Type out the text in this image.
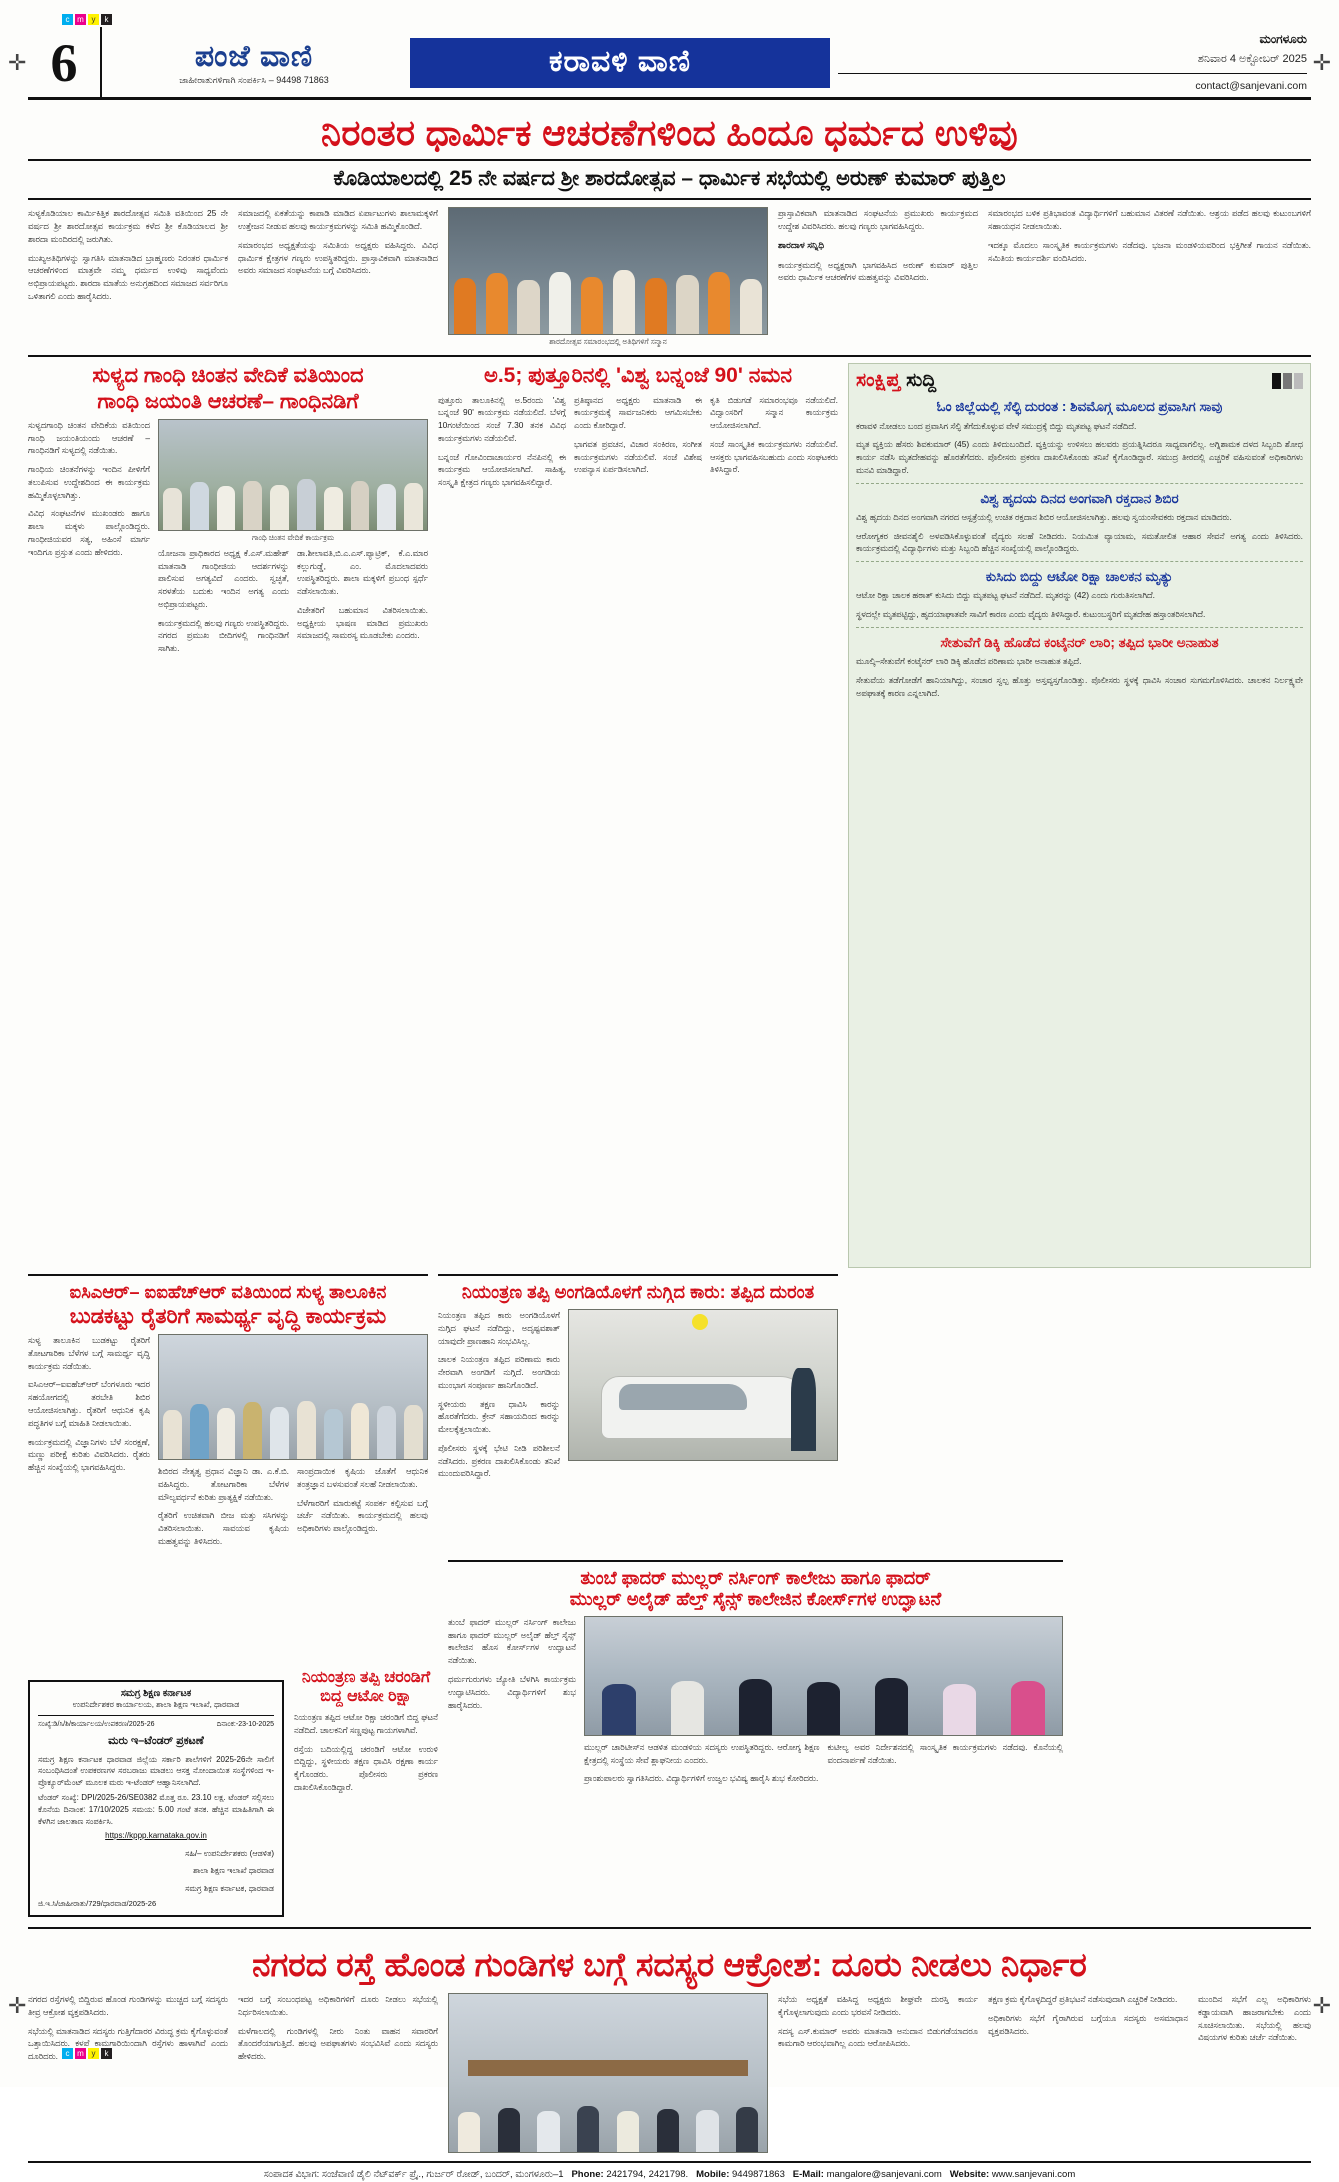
c m y	k
c m y	k
✛	✛
✛	✛
6	ಪಂಜೆ ವಾಣಿ
ಜಾಹೀರಾತುಗಳಿಗಾಗಿ ಸಂಪರ್ಕಿಸಿ – 94498 71863
ಕರಾವಳಿ ವಾಣಿ
ಮಂಗಳೂರು
ಶನಿವಾರ 4 ಅಕ್ಟೋಬರ್ 2025
contact@sanjevani.com
ನಿರಂತರ ಧಾರ್ಮಿಕ ಆಚರಣೆಗಳಿಂದ ಹಿಂದೂ ಧರ್ಮದ ಉಳಿವು
ಕೊಡಿಯಾಲದಲ್ಲಿ 25 ನೇ ವರ್ಷದ ಶ್ರೀ ಶಾರದೋತ್ಸವ – ಧಾರ್ಮಿಕ ಸಭೆಯಲ್ಲಿ ಅರುಣ್ ಕುಮಾರ್ ಪುತ್ತಿಲ

ಸುಳ್ಯಕೊಡಿಯಾಲ ಕಾರ್ಮಿಕಿತ್ತಿಕ ಶಾರದೋತ್ಸವ ಸಮಿತಿ ವತಿಯಿಂದ 25 ನೇ ವರ್ಷದ ಶ್ರೀ ಶಾರದೋತ್ಸವ ಕಾರ್ಯಕ್ರಮ ಕಳೆದ ಶ್ರೀ ಕೊಡಿಯಾಲದ ಶ್ರೀ ಶಾರದಾ ಮಂದಿರದಲ್ಲಿ ಜರುಗಿತು.

ಮುಖ್ಯಅತಿಥಿಗಳನ್ನು ಸ್ವಾಗತಿಸಿ ಮಾತನಾಡಿದ ಬ್ರಾಹ್ಮಣರು ನಿರಂತರ ಧಾರ್ಮಿಕ ಆಚರಣೆಗಳಿಂದ ಮಾತ್ರವೇ ನಮ್ಮ ಧರ್ಮದ ಉಳಿವು ಸಾಧ್ಯವೆಂದು ಅಭಿಪ್ರಾಯಪಟ್ಟರು. ಶಾರದಾ ಮಾತೆಯ ಅನುಗ್ರಹದಿಂದ ಸಮಾಜದ ಸರ್ವರಿಗೂ ಒಳಿತಾಗಲಿ ಎಂದು ಹಾರೈಸಿದರು.

ಸಮಾಜದಲ್ಲಿ ಏಕತೆಯನ್ನು ಕಾಪಾಡಿ ಮಾಡಿದ ಏರ್ಪಾಟುಗಳು ಶಾಲಾಮಕ್ಕಳಿಗೆ ಉತ್ತೇಜನ ನೀಡುವ ಹಲವು ಕಾರ್ಯಕ್ರಮಗಳನ್ನು ಸಮಿತಿ ಹಮ್ಮಿಕೊಂಡಿದೆ.

ಸಮಾರಂಭದ ಅಧ್ಯಕ್ಷತೆಯನ್ನು ಸಮಿತಿಯ ಅಧ್ಯಕ್ಷರು ವಹಿಸಿದ್ದರು. ವಿವಿಧ ಧಾರ್ಮಿಕ ಕ್ಷೇತ್ರಗಳ ಗಣ್ಯರು ಉಪಸ್ಥಿತರಿದ್ದರು. ಪ್ರಾಸ್ತಾವಿಕವಾಗಿ ಮಾತನಾಡಿದ ಅವರು ಸಮಾಜದ ಸಂಘಟನೆಯ ಬಗ್ಗೆ ವಿವರಿಸಿದರು.

ಶಾರದೋತ್ಸವ ಸಮಾರಂಭದಲ್ಲಿ ಅತಿಥಿಗಳಿಗೆ ಸನ್ಮಾನ

ಪ್ರಾಸ್ತಾವಿಕವಾಗಿ ಮಾತನಾಡಿದ ಸಂಘಟನೆಯ ಪ್ರಮುಖರು ಕಾರ್ಯಕ್ರಮದ ಉದ್ದೇಶ ವಿವರಿಸಿದರು. ಹಲವು ಗಣ್ಯರು ಭಾಗವಹಿಸಿದ್ದರು.

ಶಾರದಾಳ ಸನ್ನಿಧಿ

ಕಾರ್ಯಕ್ರಮದಲ್ಲಿ ಅಧ್ಯಕ್ಷರಾಗಿ ಭಾಗವಹಿಸಿದ ಅರುಣ್ ಕುಮಾರ್ ಪುತ್ತಿಲ ಅವರು ಧಾರ್ಮಿಕ ಆಚರಣೆಗಳ ಮಹತ್ವವನ್ನು ವಿವರಿಸಿದರು.

ಸಮಾರಂಭದ ಬಳಿಕ ಪ್ರತಿಭಾವಂತ ವಿದ್ಯಾರ್ಥಿಗಳಿಗೆ ಬಹುಮಾನ ವಿತರಣೆ ನಡೆಯಿತು. ಆಶ್ರಯ ಪಡೆದ ಹಲವು ಕುಟುಂಬಗಳಿಗೆ ಸಹಾಯಧನ ನೀಡಲಾಯಿತು.

ಇದಕ್ಕೂ ಮೊದಲು ಸಾಂಸ್ಕೃತಿಕ ಕಾರ್ಯಕ್ರಮಗಳು ನಡೆದವು. ಭಜನಾ ಮಂಡಳಿಯವರಿಂದ ಭಕ್ತಿಗೀತೆ ಗಾಯನ ನಡೆಯಿತು. ಸಮಿತಿಯ ಕಾರ್ಯದರ್ಶಿ ವಂದಿಸಿದರು.

ಸುಳ್ಯದ ಗಾಂಧಿ ಚಿಂತನ ವೇದಿಕೆ ವತಿಯಿಂದ
ಗಾಂಧಿ ಜಯಂತಿ ಆಚರಣೆ– ಗಾಂಧಿನಡಿಗೆ

ಸುಳ್ಯದಗಾಂಧಿ ಚಿಂತನ ವೇದಿಕೆಯ ವತಿಯಿಂದ ಗಾಂಧಿ ಜಯಂತಿಯಂದು ಆಚರಣೆ – ಗಾಂಧಿನಡಿಗೆ ಸುಳ್ಯದಲ್ಲಿ ನಡೆಯಿತು.

ಗಾಂಧಿಯ ಚಿಂತನೆಗಳನ್ನು ಇಂದಿನ ಪೀಳಿಗೆಗೆ ತಲುಪಿಸುವ ಉದ್ದೇಶದಿಂದ ಈ ಕಾರ್ಯಕ್ರಮ ಹಮ್ಮಿಕೊಳ್ಳಲಾಗಿತ್ತು.

ವಿವಿಧ ಸಂಘಟನೆಗಳ ಮುಖಂಡರು ಹಾಗೂ ಶಾಲಾ ಮಕ್ಕಳು ಪಾಲ್ಗೊಂಡಿದ್ದರು. ಗಾಂಧೀಜಿಯವರ ಸತ್ಯ, ಅಹಿಂಸೆ ಮಾರ್ಗ ಇಂದಿಗೂ ಪ್ರಸ್ತುತ ಎಂದು ಹೇಳಿದರು.

ಗಾಂಧಿ ಚಿಂತನ ವೇದಿಕೆ ಕಾರ್ಯಕ್ರಮ

ಯೋಜನಾ ಪ್ರಾಧಿಕಾರದ ಅಧ್ಯಕ್ಷ ಕೆ.ಎಸ್.ಮಹೇಶ್ ಮಾತನಾಡಿ ಗಾಂಧೀಜಿಯ ಆದರ್ಶಗಳನ್ನು ಪಾಲಿಸುವ ಅಗತ್ಯವಿದೆ ಎಂದರು. ಸ್ವಚ್ಛತೆ, ಸರಳತೆಯ ಬದುಕು ಇಂದಿನ ಅಗತ್ಯ ಎಂದು ಅಭಿಪ್ರಾಯಪಟ್ಟರು.

ಕಾರ್ಯಕ್ರಮದಲ್ಲಿ ಹಲವು ಗಣ್ಯರು ಉಪಸ್ಥಿತರಿದ್ದರು. ನಗರದ ಪ್ರಮುಖ ಬೀದಿಗಳಲ್ಲಿ ಗಾಂಧಿನಡಿಗೆ ಸಾಗಿತು.

ಡಾ.ಶೀಲಾವತಿ,ಬಿ.ಎ.ಎಸ್.ಪ್ಯಾಟ್ರಿಕ್, ಕೆ.ಎ.ಮಾರ ಕಲ್ಲುಗುಡ್ಡೆ, ಎಂ. ಮೊದಲಾದವರು ಉಪಸ್ಥಿತರಿದ್ದರು. ಶಾಲಾ ಮಕ್ಕಳಿಗೆ ಪ್ರಬಂಧ ಸ್ಪರ್ಧೆ ನಡೆಸಲಾಯಿತು.

ವಿಜೇತರಿಗೆ ಬಹುಮಾನ ವಿತರಿಸಲಾಯಿತು. ಅಧ್ಯಕ್ಷೀಯ ಭಾಷಣ ಮಾಡಿದ ಪ್ರಮುಖರು ಸಮಾಜದಲ್ಲಿ ಸಾಮರಸ್ಯ ಮೂಡಬೇಕು ಎಂದರು.

ಅ.5; ಪುತ್ತೂರಿನಲ್ಲಿ 'ವಿಶ್ವ ಬನ್ನಂಜೆ 90' ನಮನ

ಪುತ್ತೂರು ತಾಲೂಕಿನಲ್ಲಿ ಅ.5ರಂದು 'ವಿಶ್ವ ಬನ್ನಂಜೆ 90' ಕಾರ್ಯಕ್ರಮ ನಡೆಯಲಿದೆ. ಬೆಳಗ್ಗೆ 10ಗಂಟೆಯಿಂದ ಸಂಜೆ 7.30 ತನಕ ವಿವಿಧ ಕಾರ್ಯಕ್ರಮಗಳು ನಡೆಯಲಿವೆ.

ಬನ್ನಂಜೆ ಗೋವಿಂದಾಚಾರ್ಯರ ನೆನಪಿನಲ್ಲಿ ಈ ಕಾರ್ಯಕ್ರಮ ಆಯೋಜಿಸಲಾಗಿದೆ. ಸಾಹಿತ್ಯ, ಸಂಸ್ಕೃತಿ ಕ್ಷೇತ್ರದ ಗಣ್ಯರು ಭಾಗವಹಿಸಲಿದ್ದಾರೆ.

ಪ್ರತಿಷ್ಠಾನದ ಅಧ್ಯಕ್ಷರು ಮಾತನಾಡಿ ಈ ಕಾರ್ಯಕ್ರಮಕ್ಕೆ ಸಾರ್ವಜನಿಕರು ಆಗಮಿಸಬೇಕು ಎಂದು ಕೋರಿದ್ದಾರೆ.

ಭಾಗವತ ಪ್ರವಚನ, ವಿಚಾರ ಸಂಕಿರಣ, ಸಂಗೀತ ಕಾರ್ಯಕ್ರಮಗಳು ನಡೆಯಲಿವೆ. ಸಂಜೆ ವಿಶೇಷ ಉಪನ್ಯಾಸ ಏರ್ಪಡಿಸಲಾಗಿದೆ.

ಕೃತಿ ಬಿಡುಗಡೆ ಸಮಾರಂಭವೂ ನಡೆಯಲಿದೆ. ವಿದ್ವಾಂಸರಿಗೆ ಸನ್ಮಾನ ಕಾರ್ಯಕ್ರಮ ಆಯೋಜಿಸಲಾಗಿದೆ.

ಸಂಜೆ ಸಾಂಸ್ಕೃತಿಕ ಕಾರ್ಯಕ್ರಮಗಳು ನಡೆಯಲಿವೆ. ಆಸಕ್ತರು ಭಾಗವಹಿಸಬಹುದು ಎಂದು ಸಂಘಟಕರು ತಿಳಿಸಿದ್ದಾರೆ.

ಸಂಕ್ಷಿಪ್ತ ಸುದ್ದಿ
ಓಂ ಜಿಲ್ಲೆಯಲ್ಲಿ ಸೆಲ್ಫಿ ದುರಂತ : ಶಿವಮೊಗ್ಗ ಮೂಲದ ಪ್ರವಾಸಿಗ ಸಾವು

ಕರಾವಳಿ ನೋಡಲು ಬಂದ ಪ್ರವಾಸಿಗ ಸೆಲ್ಫಿ ತೆಗೆದುಕೊಳ್ಳುವ ವೇಳೆ ಸಮುದ್ರಕ್ಕೆ ಬಿದ್ದು ಮೃತಪಟ್ಟ ಘಟನೆ ನಡೆದಿದೆ.

ಮೃತ ವ್ಯಕ್ತಿಯ ಹೆಸರು ಶಿವಕುಮಾರ್ (45) ಎಂದು ತಿಳಿದುಬಂದಿದೆ. ವ್ಯಕ್ತಿಯನ್ನು ಉಳಿಸಲು ಹಲವರು ಪ್ರಯತ್ನಿಸಿದರೂ ಸಾಧ್ಯವಾಗಲಿಲ್ಲ. ಅಗ್ನಿಶಾಮಕ ದಳದ ಸಿಬ್ಬಂದಿ ಶೋಧ ಕಾರ್ಯ ನಡೆಸಿ ಮೃತದೇಹವನ್ನು ಹೊರತೆಗೆದರು. ಪೊಲೀಸರು ಪ್ರಕರಣ ದಾಖಲಿಸಿಕೊಂಡು ತನಿಖೆ ಕೈಗೊಂಡಿದ್ದಾರೆ. ಸಮುದ್ರ ತೀರದಲ್ಲಿ ಎಚ್ಚರಿಕೆ ವಹಿಸುವಂತೆ ಅಧಿಕಾರಿಗಳು ಮನವಿ ಮಾಡಿದ್ದಾರೆ.

ವಿಶ್ವ ಹೃದಯ ದಿನದ ಅಂಗವಾಗಿ ರಕ್ತದಾನ ಶಿಬಿರ

ವಿಶ್ವ ಹೃದಯ ದಿನದ ಅಂಗವಾಗಿ ನಗರದ ಆಸ್ಪತ್ರೆಯಲ್ಲಿ ಉಚಿತ ರಕ್ತದಾನ ಶಿಬಿರ ಆಯೋಜಿಸಲಾಗಿತ್ತು. ಹಲವು ಸ್ವಯಂಸೇವಕರು ರಕ್ತದಾನ ಮಾಡಿದರು.

ಆರೋಗ್ಯಕರ ಜೀವನಶೈಲಿ ಅಳವಡಿಸಿಕೊಳ್ಳುವಂತೆ ವೈದ್ಯರು ಸಲಹೆ ನೀಡಿದರು. ನಿಯಮಿತ ವ್ಯಾಯಾಮ, ಸಮತೋಲಿತ ಆಹಾರ ಸೇವನೆ ಅಗತ್ಯ ಎಂದು ತಿಳಿಸಿದರು. ಕಾರ್ಯಕ್ರಮದಲ್ಲಿ ವಿದ್ಯಾರ್ಥಿಗಳು ಮತ್ತು ಸಿಬ್ಬಂದಿ ಹೆಚ್ಚಿನ ಸಂಖ್ಯೆಯಲ್ಲಿ ಪಾಲ್ಗೊಂಡಿದ್ದರು.

ಕುಸಿದು ಬಿದ್ದು ಆಟೋ ರಿಕ್ಷಾ ಚಾಲಕನ ಮೃತ್ಯು

ಆಟೋ ರಿಕ್ಷಾ ಚಾಲಕ ಹಠಾತ್ ಕುಸಿದು ಬಿದ್ದು ಮೃತಪಟ್ಟ ಘಟನೆ ನಡೆದಿದೆ. ಮೃತರನ್ನು (42) ಎಂದು ಗುರುತಿಸಲಾಗಿದೆ.

ಸ್ಥಳದಲ್ಲೇ ಮೃತಪಟ್ಟಿದ್ದು, ಹೃದಯಾಘಾತವೇ ಸಾವಿಗೆ ಕಾರಣ ಎಂದು ವೈದ್ಯರು ತಿಳಿಸಿದ್ದಾರೆ. ಕುಟುಂಬಸ್ಥರಿಗೆ ಮೃತದೇಹ ಹಸ್ತಾಂತರಿಸಲಾಗಿದೆ.

ಸೇತುವೆಗೆ ಡಿಕ್ಕಿ ಹೊಡೆದ ಕಂಟೈನರ್ ಲಾರಿ; ತಪ್ಪಿದ ಭಾರೀ ಅನಾಹುತ

ಮೂಲ್ಕಿ–ಸೇತುವೆಗೆ ಕಂಟೈನರ್ ಲಾರಿ ಡಿಕ್ಕಿ ಹೊಡೆದ ಪರಿಣಾಮ ಭಾರೀ ಅನಾಹುತ ತಪ್ಪಿದೆ.

ಸೇತುವೆಯ ತಡೆಗೋಡೆಗೆ ಹಾನಿಯಾಗಿದ್ದು, ಸಂಚಾರ ಸ್ವಲ್ಪ ಹೊತ್ತು ಅಸ್ತವ್ಯಸ್ತಗೊಂಡಿತ್ತು. ಪೊಲೀಸರು ಸ್ಥಳಕ್ಕೆ ಧಾವಿಸಿ ಸಂಚಾರ ಸುಗಮಗೊಳಿಸಿದರು. ಚಾಲಕನ ನಿರ್ಲಕ್ಷ್ಯವೇ ಅಪಘಾತಕ್ಕೆ ಕಾರಣ ಎನ್ನಲಾಗಿದೆ.

ಐಸಿಎಆರ್– ಐಐಹೆಚ್‌ಆರ್ ವತಿಯಿಂದ ಸುಳ್ಯ ತಾಲೂಕಿನ
ಬುಡಕಟ್ಟು ರೈತರಿಗೆ ಸಾಮರ್ಥ್ಯ ವೃದ್ಧಿ ಕಾರ್ಯಕ್ರಮ

ಸುಳ್ಯ ತಾಲೂಕಿನ ಬುಡಕಟ್ಟು ರೈತರಿಗೆ ತೋಟಗಾರಿಕಾ ಬೆಳೆಗಳ ಬಗ್ಗೆ ಸಾಮರ್ಥ್ಯ ವೃದ್ಧಿ ಕಾರ್ಯಕ್ರಮ ನಡೆಯಿತು.

ಐಸಿಎಆರ್–ಐಐಹೆಚ್‌ಆರ್ ಬೆಂಗಳೂರು ಇದರ ಸಹಯೋಗದಲ್ಲಿ ತರಬೇತಿ ಶಿಬಿರ ಆಯೋಜಿಸಲಾಗಿತ್ತು. ರೈತರಿಗೆ ಆಧುನಿಕ ಕೃಷಿ ಪದ್ಧತಿಗಳ ಬಗ್ಗೆ ಮಾಹಿತಿ ನೀಡಲಾಯಿತು.

ಕಾರ್ಯಕ್ರಮದಲ್ಲಿ ವಿಜ್ಞಾನಿಗಳು ಬೆಳೆ ಸಂರಕ್ಷಣೆ, ಮಣ್ಣು ಪರೀಕ್ಷೆ ಕುರಿತು ವಿವರಿಸಿದರು. ರೈತರು ಹೆಚ್ಚಿನ ಸಂಖ್ಯೆಯಲ್ಲಿ ಭಾಗವಹಿಸಿದ್ದರು.	ಶಿಬಿರದ ನೇತೃತ್ವ ಪ್ರಧಾನ ವಿಜ್ಞಾನಿ ಡಾ. ಎ.ಕೆ.ಬಿ. ವಹಿಸಿದ್ದರು. ತೋಟಗಾರಿಕಾ ಬೆಳೆಗಳ ಮೌಲ್ಯವರ್ಧನೆ ಕುರಿತು ಪ್ರಾತ್ಯಕ್ಷಿಕೆ ನಡೆಯಿತು.

ರೈತರಿಗೆ ಉಚಿತವಾಗಿ ಬೀಜ ಮತ್ತು ಸಸಿಗಳನ್ನು ವಿತರಿಸಲಾಯಿತು. ಸಾವಯವ ಕೃಷಿಯ ಮಹತ್ವವನ್ನು ತಿಳಿಸಿದರು.

ಸಾಂಪ್ರದಾಯಿಕ ಕೃಷಿಯ ಜೊತೆಗೆ ಆಧುನಿಕ ತಂತ್ರಜ್ಞಾನ ಬಳಸುವಂತೆ ಸಲಹೆ ನೀಡಲಾಯಿತು.

ಬೆಳೆಗಾರರಿಗೆ ಮಾರುಕಟ್ಟೆ ಸಂಪರ್ಕ ಕಲ್ಪಿಸುವ ಬಗ್ಗೆ ಚರ್ಚೆ ನಡೆಯಿತು. ಕಾರ್ಯಕ್ರಮದಲ್ಲಿ ಹಲವು ಅಧಿಕಾರಿಗಳು ಪಾಲ್ಗೊಂಡಿದ್ದರು.

ನಿಯಂತ್ರಣ ತಪ್ಪಿ ಅಂಗಡಿಯೊಳಗೆ ನುಗ್ಗಿದ ಕಾರು: ತಪ್ಪಿದ ದುರಂತ

ನಿಯಂತ್ರಣ ತಪ್ಪಿದ ಕಾರು ಅಂಗಡಿಯೊಳಗೆ ನುಗ್ಗಿದ ಘಟನೆ ನಡೆದಿದ್ದು, ಅದೃಷ್ಟವಶಾತ್ ಯಾವುದೇ ಪ್ರಾಣಹಾನಿ ಸಂಭವಿಸಿಲ್ಲ.

ಚಾಲಕ ನಿಯಂತ್ರಣ ತಪ್ಪಿದ ಪರಿಣಾಮ ಕಾರು ನೇರವಾಗಿ ಅಂಗಡಿಗೆ ನುಗ್ಗಿದೆ. ಅಂಗಡಿಯ ಮುಂಭಾಗ ಸಂಪೂರ್ಣ ಹಾನಿಗೊಂಡಿದೆ.

ಸ್ಥಳೀಯರು ತಕ್ಷಣ ಧಾವಿಸಿ ಕಾರನ್ನು ಹೊರತೆಗೆದರು. ಕ್ರೇನ್ ಸಹಾಯದಿಂದ ಕಾರನ್ನು ಮೇಲಕ್ಕೆತ್ತಲಾಯಿತು.

ಪೊಲೀಸರು ಸ್ಥಳಕ್ಕೆ ಭೇಟಿ ನೀಡಿ ಪರಿಶೀಲನೆ ನಡೆಸಿದರು. ಪ್ರಕರಣ ದಾಖಲಿಸಿಕೊಂಡು ತನಿಖೆ ಮುಂದುವರಿಸಿದ್ದಾರೆ.

ಸಮಗ್ರ ಶಿಕ್ಷಣ ಕರ್ನಾಟಕ
ಉಪನಿರ್ದೇಶಕರ ಕಾರ್ಯಾಲಯ, ಶಾಲಾ ಶಿಕ್ಷಣ ಇಲಾಖೆ, ಧಾರವಾಡ
ಸಂಖ್ಯೆ:ಡಿ/ಸಿ/ಶಿ/ಕಾರ್ಯಾಲಯ/ಉಪಕರಣ/2025-26	ದಿನಾಂಕ:-23-10-2025
ಮರು ಇ–ಟೆಂಡರ್ ಪ್ರಕಟಣೆ
ಸಮಗ್ರ ಶಿಕ್ಷಣ ಕರ್ನಾಟಕ ಧಾರವಾಡ ಜಿಲ್ಲೆಯ ಸರ್ಕಾರಿ ಶಾಲೆಗಳಿಗೆ 2025-26ನೇ ಸಾಲಿಗೆ ಸಂಬಂಧಿಸಿದಂತೆ ಉಪಕರಣಗಳ ಸರಬರಾಜು ಮಾಡಲು ಆಸಕ್ತ ನೋಂದಾಯಿತ ಸಂಸ್ಥೆಗಳಿಂದ ಇ-ಪ್ರೊಕ್ಯೂರ್‌ಮೆಂಟ್ ಮೂಲಕ ಮರು ಇ-ಟೆಂಡರ್ ಆಹ್ವಾನಿಸಲಾಗಿದೆ.
ಟೆಂಡರ್ ಸಂಖ್ಯೆ: DPI/2025-26/SE0382 ಮೊತ್ತ ರೂ. 23.10 ಲಕ್ಷ. ಟೆಂಡರ್ ಸಲ್ಲಿಸಲು ಕೊನೆಯ ದಿನಾಂಕ: 17/10/2025 ಸಮಯ: 5.00 ಗಂಟೆ ತನಕ. ಹೆಚ್ಚಿನ ಮಾಹಿತಿಗಾಗಿ ಈ ಕೆಳಗಿನ ಜಾಲತಾಣ ಸಂಪರ್ಕಿಸಿ.
https://kppp.karnataka.gov.in
ಸಹಿ/– ಉಪನಿರ್ದೇಶಕರು (ಆಡಳಿತ)
ಶಾಲಾ ಶಿಕ್ಷಣ ಇಲಾಖೆ ಧಾರವಾಡ
ಸಮಗ್ರ ಶಿಕ್ಷಣ ಕರ್ನಾಟಕ, ಧಾರವಾಡ
ಜಿ.ಇ.ಸಿ/ಜಾಹೀರಾತು/729/ಧಾರವಾಡ/2025-26
ನಿಯಂತ್ರಣ ತಪ್ಪಿ ಚರಂಡಿಗೆ
ಬಿದ್ದ ಆಟೋ ರಿಕ್ಷಾ

ನಿಯಂತ್ರಣ ತಪ್ಪಿದ ಆಟೋ ರಿಕ್ಷಾ ಚರಂಡಿಗೆ ಬಿದ್ದ ಘಟನೆ ನಡೆದಿದೆ. ಚಾಲಕನಿಗೆ ಸಣ್ಣಪುಟ್ಟ ಗಾಯಗಳಾಗಿವೆ.

ರಸ್ತೆಯ ಬದಿಯಲ್ಲಿದ್ದ ಚರಂಡಿಗೆ ಆಟೋ ಉರುಳಿ ಬಿದ್ದಿದ್ದು, ಸ್ಥಳೀಯರು ತಕ್ಷಣ ಧಾವಿಸಿ ರಕ್ಷಣಾ ಕಾರ್ಯ ಕೈಗೊಂಡರು. ಪೊಲೀಸರು ಪ್ರಕರಣ ದಾಖಲಿಸಿಕೊಂಡಿದ್ದಾರೆ.

ತುಂಬೆ ಫಾದರ್ ಮುಲ್ಲರ್ ನರ್ಸಿಂಗ್ ಕಾಲೇಜು ಹಾಗೂ ಫಾದರ್
ಮುಲ್ಲರ್ ಅಲೈಡ್ ಹೆಲ್ತ್ ಸೈನ್ಸ್ ಕಾಲೇಜಿನ ಕೋರ್ಸ್‌ಗಳ ಉದ್ಘಾಟನೆ

ತುಂಬೆ ಫಾದರ್ ಮುಲ್ಲರ್ ನರ್ಸಿಂಗ್ ಕಾಲೇಜು ಹಾಗೂ ಫಾದರ್ ಮುಲ್ಲರ್ ಅಲೈಡ್ ಹೆಲ್ತ್ ಸೈನ್ಸ್ ಕಾಲೇಜಿನ ಹೊಸ ಕೋರ್ಸ್‌ಗಳ ಉದ್ಘಾಟನೆ ನಡೆಯಿತು.

ಧರ್ಮಗುರುಗಳು ಜ್ಯೋತಿ ಬೆಳಗಿಸಿ ಕಾರ್ಯಕ್ರಮ ಉದ್ಘಾಟಿಸಿದರು. ವಿದ್ಯಾರ್ಥಿಗಳಿಗೆ ಶುಭ ಹಾರೈಸಿದರು.

ಮುಲ್ಲರ್ ಚಾರಿಟೀಸ್‌ನ ಆಡಳಿತ ಮಂಡಳಿಯ ಸದಸ್ಯರು ಉಪಸ್ಥಿತರಿದ್ದರು. ಆರೋಗ್ಯ ಶಿಕ್ಷಣ ಕ್ಷೇತ್ರದಲ್ಲಿ ಸಂಸ್ಥೆಯ ಸೇವೆ ಶ್ಲಾಘನೀಯ ಎಂದರು.

ಪ್ರಾಂಶುಪಾಲರು ಸ್ವಾಗತಿಸಿದರು. ವಿದ್ಯಾರ್ಥಿಗಳಿಗೆ ಉಜ್ವಲ ಭವಿಷ್ಯ ಹಾರೈಸಿ ಶುಭ ಕೋರಿದರು.

ಕುಟೀಲ್ಯ ಅವರ ನಿರ್ದೇಶನದಲ್ಲಿ ಸಾಂಸ್ಕೃತಿಕ ಕಾರ್ಯಕ್ರಮಗಳು ನಡೆದವು. ಕೊನೆಯಲ್ಲಿ ವಂದನಾರ್ಪಣೆ ನಡೆಯಿತು.

ನಗರದ ರಸ್ತೆ ಹೊಂಡ ಗುಂಡಿಗಳ ಬಗ್ಗೆ ಸದಸ್ಯರ ಆಕ್ರೋಶ: ದೂರು ನೀಡಲು ನಿರ್ಧಾರ

ನಗರದ ರಸ್ತೆಗಳಲ್ಲಿ ಬಿದ್ದಿರುವ ಹೊಂಡ ಗುಂಡಿಗಳನ್ನು ಮುಚ್ಚದ ಬಗ್ಗೆ ಸದಸ್ಯರು ತೀವ್ರ ಆಕ್ರೋಶ ವ್ಯಕ್ತಪಡಿಸಿದರು.

ಸಭೆಯಲ್ಲಿ ಮಾತನಾಡಿದ ಸದಸ್ಯರು ಗುತ್ತಿಗೆದಾರರ ವಿರುದ್ಧ ಕ್ರಮ ಕೈಗೊಳ್ಳುವಂತೆ ಒತ್ತಾಯಿಸಿದರು. ಕಳಪೆ ಕಾಮಗಾರಿಯಿಂದಾಗಿ ರಸ್ತೆಗಳು ಹಾಳಾಗಿವೆ ಎಂದು ದೂರಿದರು.

ಇದರ ಬಗ್ಗೆ ಸಂಬಂಧಪಟ್ಟ ಅಧಿಕಾರಿಗಳಿಗೆ ದೂರು ನೀಡಲು ಸಭೆಯಲ್ಲಿ ನಿರ್ಧರಿಸಲಾಯಿತು.

ಮಳೆಗಾಲದಲ್ಲಿ ಗುಂಡಿಗಳಲ್ಲಿ ನೀರು ನಿಂತು ವಾಹನ ಸವಾರರಿಗೆ ತೊಂದರೆಯಾಗುತ್ತಿದೆ. ಹಲವು ಅಪಘಾತಗಳು ಸಂಭವಿಸಿವೆ ಎಂದು ಸದಸ್ಯರು ಹೇಳಿದರು.

ಸಭೆಯ ಅಧ್ಯಕ್ಷತೆ ವಹಿಸಿದ್ದ ಅಧ್ಯಕ್ಷರು ಶೀಘ್ರವೇ ದುರಸ್ತಿ ಕಾರ್ಯ ಕೈಗೊಳ್ಳಲಾಗುವುದು ಎಂದು ಭರವಸೆ ನೀಡಿದರು.

ಸದಸ್ಯ ಎಸ್.ಕುಮಾರ್ ಅವರು ಮಾತನಾಡಿ ಅನುದಾನ ಬಿಡುಗಡೆಯಾದರೂ ಕಾಮಗಾರಿ ಆರಂಭವಾಗಿಲ್ಲ ಎಂದು ಆರೋಪಿಸಿದರು.

ತಕ್ಷಣ ಕ್ರಮ ಕೈಗೊಳ್ಳದಿದ್ದರೆ ಪ್ರತಿಭಟನೆ ನಡೆಸುವುದಾಗಿ ಎಚ್ಚರಿಕೆ ನೀಡಿದರು.

ಅಧಿಕಾರಿಗಳು ಸಭೆಗೆ ಗೈರಾಗಿರುವ ಬಗ್ಗೆಯೂ ಸದಸ್ಯರು ಅಸಮಾಧಾನ ವ್ಯಕ್ತಪಡಿಸಿದರು.

ಮುಂದಿನ ಸಭೆಗೆ ಎಲ್ಲ ಅಧಿಕಾರಿಗಳು ಕಡ್ಡಾಯವಾಗಿ ಹಾಜರಾಗಬೇಕು ಎಂದು ಸೂಚಿಸಲಾಯಿತು. ಸಭೆಯಲ್ಲಿ ಹಲವು ವಿಷಯಗಳ ಕುರಿತು ಚರ್ಚೆ ನಡೆಯಿತು.

ಸಂಪಾದಕ ವಿಭಾಗ: ಸಂಜೆವಾಣಿ ಡೈಲಿ ನೆಟ್‌ವರ್ಕ್ ಪ್ರೈ., ಗುರ್ಜರ್ ರೋಡ್, ಬಂದರ್, ಮಂಗಳೂರು–1 Phone: 2421794, 2421798. Mobile: 9449871863 E-Mail: mangalore@sanjevani.com Website: www.sanjevani.com
